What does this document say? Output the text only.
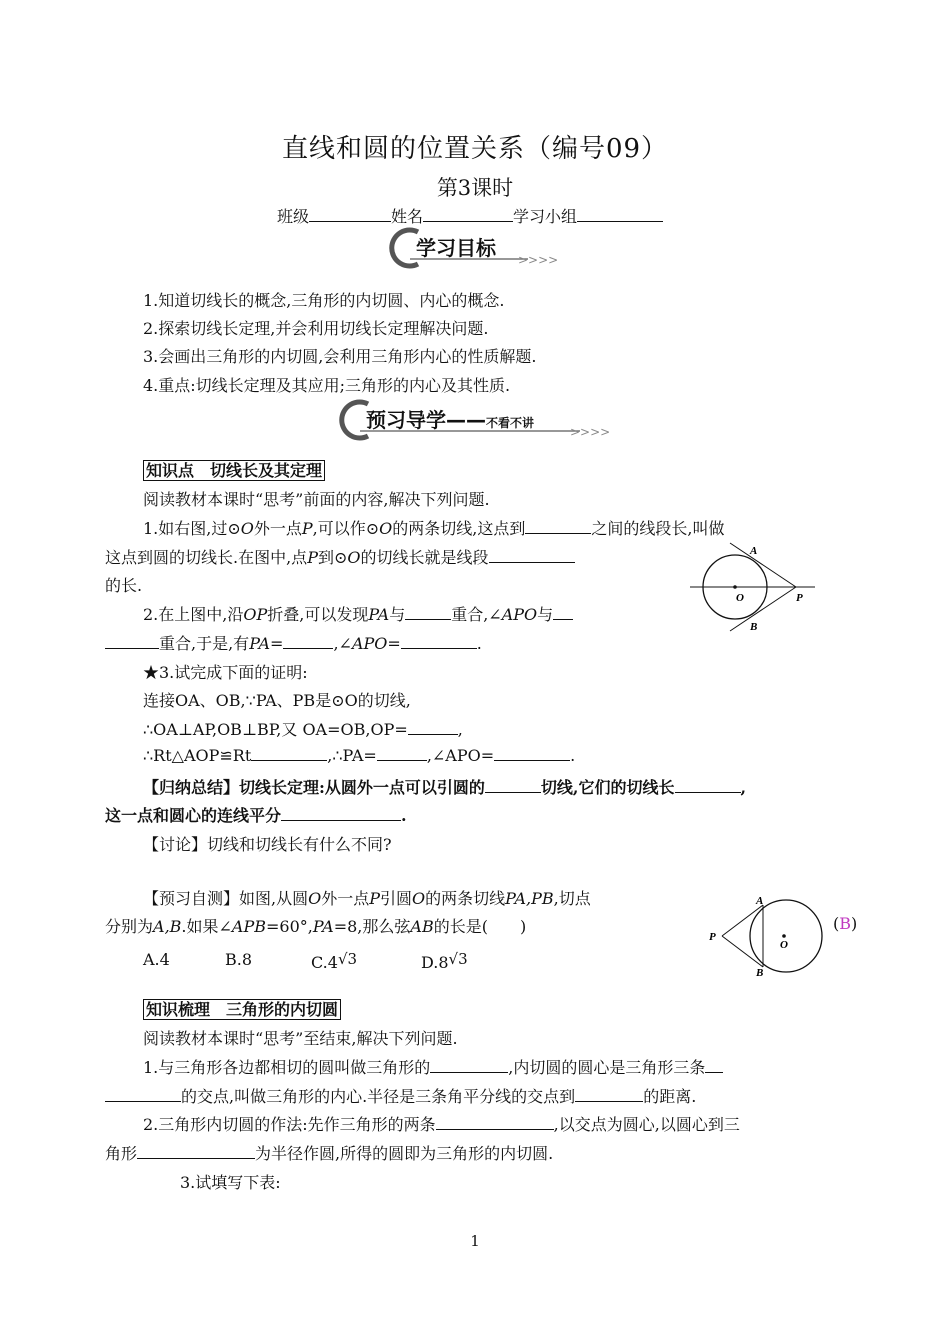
直线和圆的位置关系（编号09）
第3课时
班级	姓名	学习小组
>>>>
学习目标
1.知道切线长的概念,三角形的内切圆、内心的概念.
2.探索切线长定理,并会利用切线长定理解决问题.
3.会画出三角形的内切圆,会利用三角形内心的性质解题.
4.重点:切线长定理及其应用;三角形的内心及其性质.
>>>>
预习导学——不看不讲
知识点　切线长及其定理
阅读教材本课时“思考”前面的内容,解决下列问题.
1.如右图,过⊙O外一点P,可以作⊙O的两条切线,这点到	之间的线段长,叫做
这点到圆的切线长.在图中,点P到⊙O的切线长就是线段
的长.
2.在上图中,沿OP折叠,可以发现PA与	重合,∠APO与
重合,于是,有PA=	,∠APO=	.
★3.试完成下面的证明:
连接OA、OB,∵PA、PB是⊙O的切线,
∴OA⊥AP,OB⊥BP,又 OA=OB,OP=	,
∴Rt△AOP≌Rt	,∴PA=	,∠APO=	.
【归纳总结】切线长定理:从圆外一点可以引圆的	切线,它们的切线长	,
这一点和圆心的连线平分	.
【讨论】切线和切线长有什么不同?
【预习自测】如图,从圆O外一点P引圆O的两条切线PA,PB,切点
分别为A,B.如果∠APB=60°,PA=8,那么弦AB的长是(　　)	(B)
A.4	B.8	C.4√3	D.8√3
A
O	P
B
A
O
P
B
知识梳理　三角形的内切圆
阅读教材本课时“思考”至结束,解决下列问题.
1.与三角形各边都相切的圆叫做三角形的	,内切圆的圆心是三角形三条
的交点,叫做三角形的内心.半径是三条角平分线的交点到	的距离.
2.三角形内切圆的作法:先作三角形的两条	,以交点为圆心,以圆心到三
角形	为半径作圆,所得的圆即为三角形的内切圆.
3.试填写下表:
1
